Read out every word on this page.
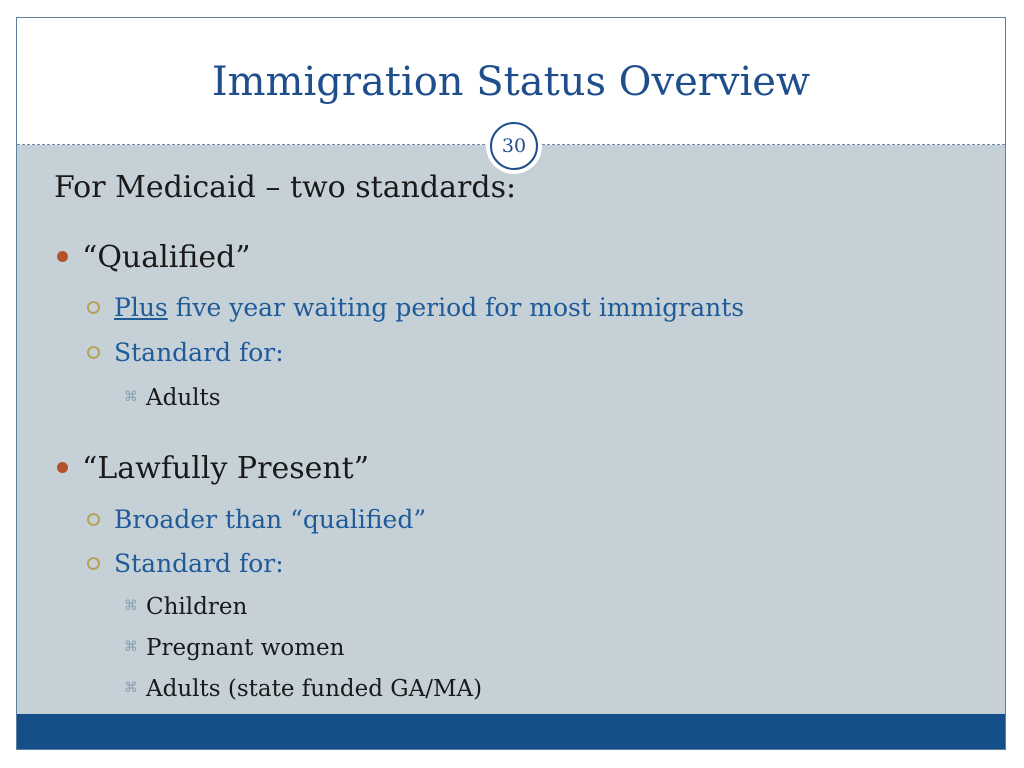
Immigration Status Overview
30
For Medicaid – two standards:
“Qualified”
Plus five year waiting period for most immigrants
Standard for:
⌘ Adults
“Lawfully Present”
Broader than “qualified”
Standard for:
⌘ Children
⌘ Pregnant women
⌘ Adults (state funded GA/MA)
